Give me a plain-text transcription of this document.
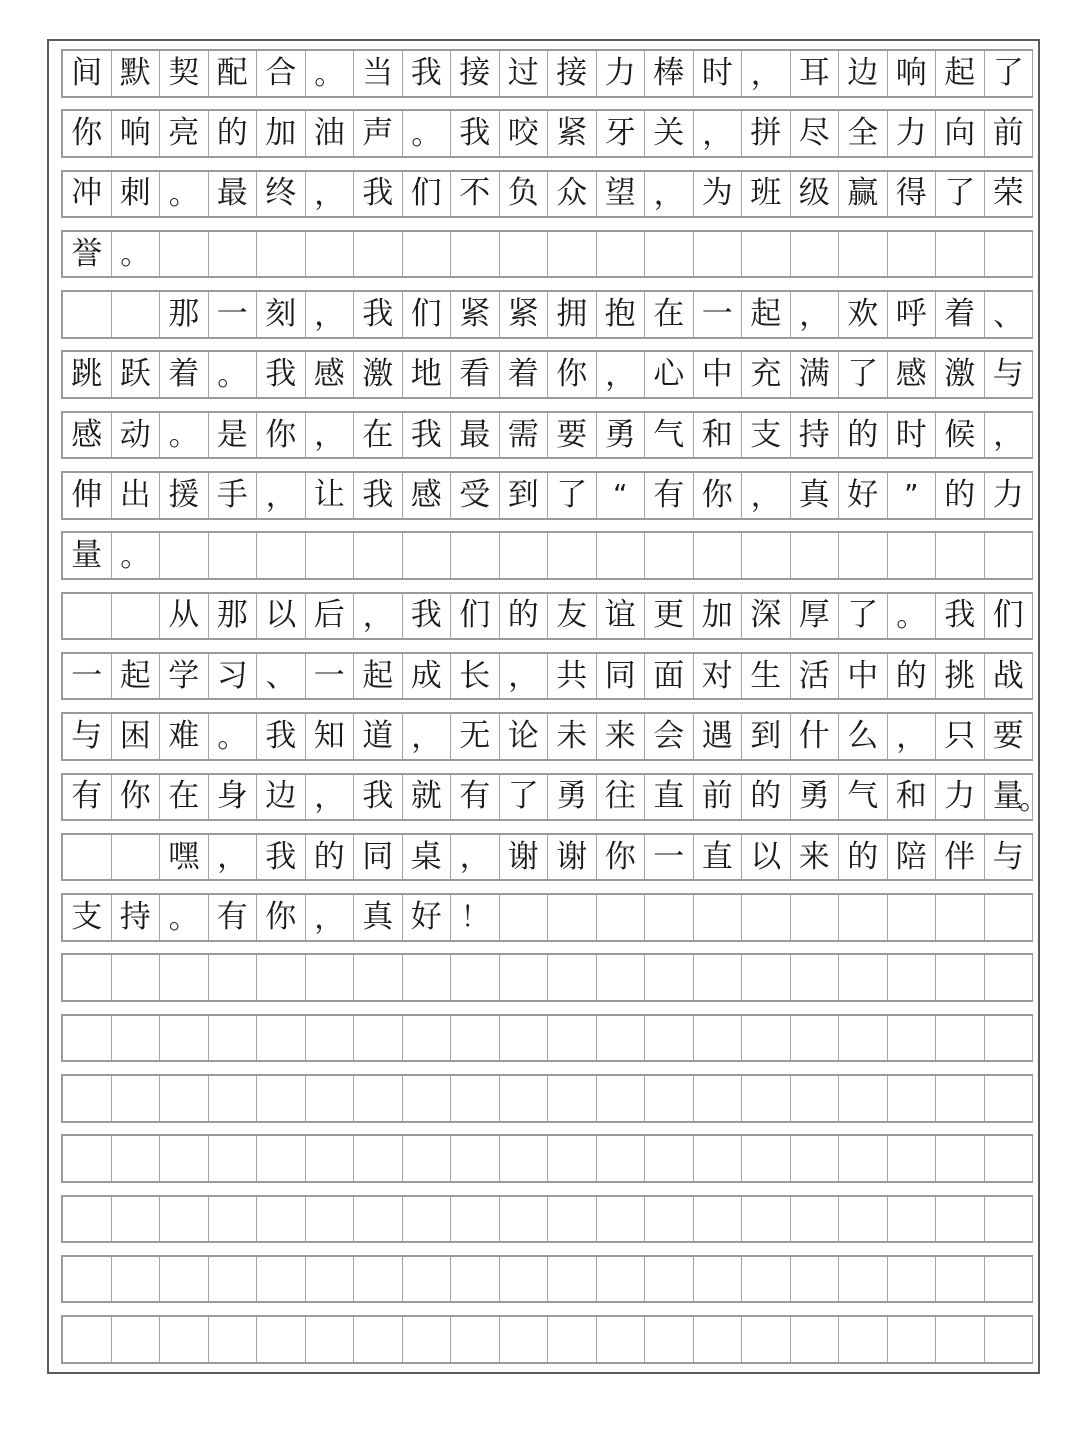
间 默 契 配 合 。 当 我 接 过 接 力 棒 时 ， 耳 边 响 起 了
你 响 亮 的 加 油 声 。 我 咬 紧 牙 关 ， 拼 尽 全 力 向 前
冲 刺 。 最 终 ， 我 们 不 负 众 望 ， 为 班 级 赢 得 了 荣
誉 。
那 一 刻 ， 我 们 紧 紧 拥 抱 在 一 起 ， 欢 呼 着 、
跳 跃 着 。 我 感 激 地 看 着 你 ， 心 中 充 满 了 感 激 与
感 动 。 是 你 ， 在 我 最 需 要 勇 气 和 支 持 的 时 候 ，
伸 出 援 手 ， 让 我 感 受 到 了 “ 有 你 ， 真 好 ” 的 力
量 。
从 那 以 后 ， 我 们 的 友 谊 更 加 深 厚 了 。 我 们
一 起 学 习 、 一 起 成 长 ， 共 同 面 对 生 活 中 的 挑 战
与 困 难 。 我 知 道 ， 无 论 未 来 会 遇 到 什 么 ， 只 要
有 你 在 身 边 ， 我 就 有 了 勇 往 直 前 的 勇 气 和 力 量
。
嘿 ， 我 的 同 桌 ， 谢 谢 你 一 直 以 来 的 陪 伴 与
支 持 。 有 你 ， 真 好 ！
